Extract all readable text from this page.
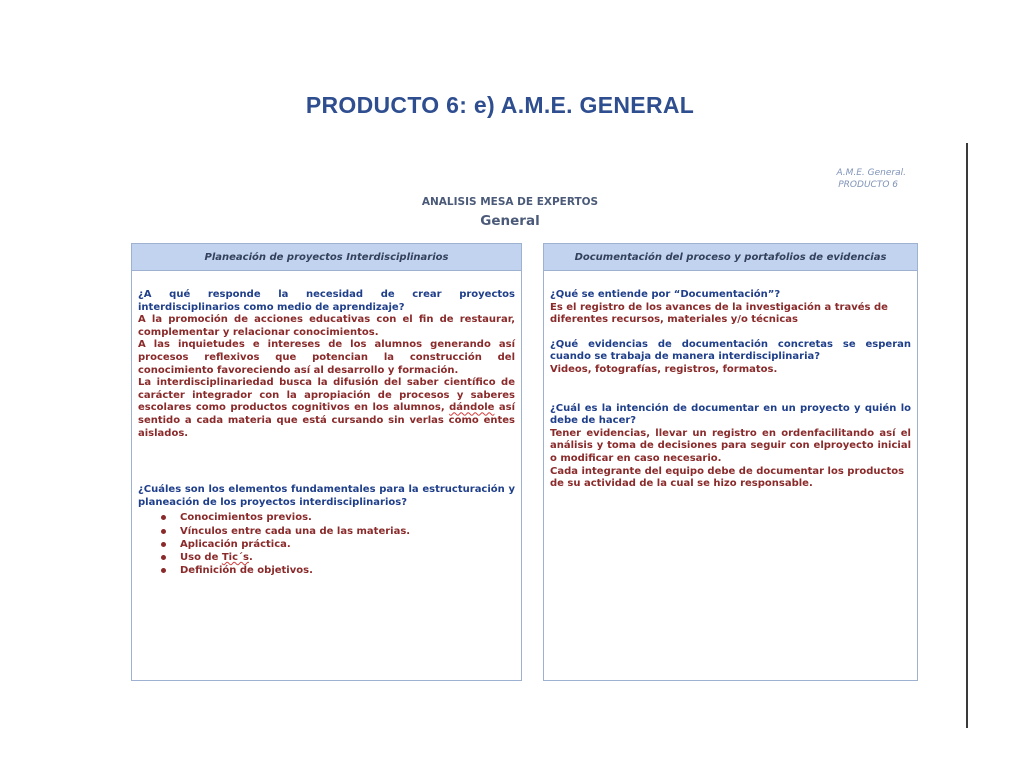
PRODUCTO 6: e) A.M.E. GENERAL
A.M.E. General.
PRODUCTO 6
ANALISIS MESA DE EXPERTOS
General
Planeación de proyectos Interdisciplinarios

¿A qué responde la necesidad de crear proyectos interdisciplinarios como medio de aprendizaje?

A la promoción de acciones educativas con el fin de restaurar, complementar y relacionar conocimientos.

A las inquietudes e intereses de los alumnos generando así procesos reflexivos que potencian la construcción del conocimiento favoreciendo así al desarrollo y formación.

La interdisciplinariedad busca la difusión del saber científico de carácter integrador con la apropiación de procesos y saberes escolares como productos cognitivos en los alumnos, dándole así sentido a cada materia que está cursando sin verlas como entes aislados.

¿Cuáles son los elementos fundamentales para la estructuración y planeación de los proyectos interdisciplinarios?

Conocimientos previos.
Vínculos entre cada una de las materias.
Aplicación práctica.
Uso de Tic´s.
Definición de objetivos.
Documentación del proceso y portafolios de evidencias

¿Qué se entiende por “Documentación”?

Es el registro de los avances de la investigación a través de diferentes recursos, materiales y/o técnicas

¿Qué evidencias de documentación concretas se esperan cuando se trabaja de manera interdisciplinaria?

Videos, fotografías, registros, formatos.

¿Cuál es la intención de documentar en un proyecto y quién lo debe de hacer?

Tener evidencias, llevar un registro en ordenfacilitando así el análisis y toma de decisiones para seguir con elproyecto inicial o modificar en caso necesario.

Cada integrante del equipo debe de documentar los productos de su actividad de la cual se hizo responsable.
